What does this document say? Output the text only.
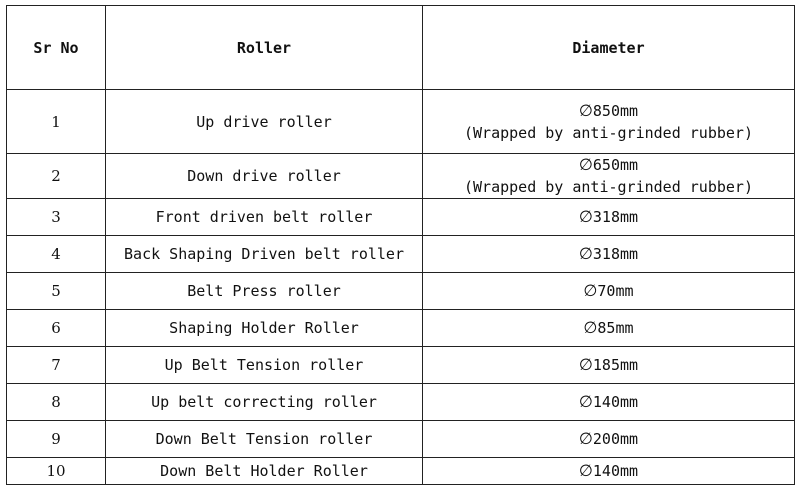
Sr No	Roller	Diameter
1	Up drive roller	∅850mm
(Wrapped by anti-grinded rubber)

2	Down drive roller	∅650mm
(Wrapped by anti-grinded rubber)

3	Front driven belt roller	∅318mm
4	Back Shaping Driven belt roller	∅318mm
5	Belt Press roller	∅70mm
6	Shaping Holder Roller	∅85mm
7	Up Belt Tension roller	∅185mm
8	Up belt correcting roller	∅140mm
9	Down Belt Tension roller	∅200mm
10	Down Belt Holder Roller	∅140mm
